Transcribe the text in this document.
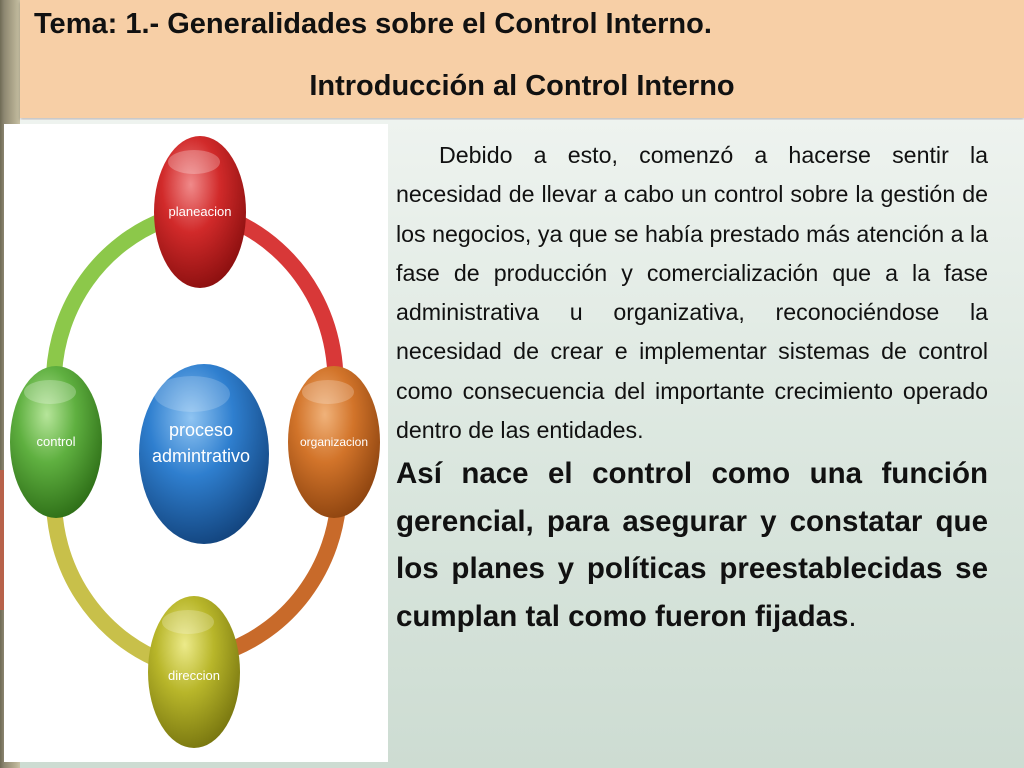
Tema: 1.- Generalidades sobre el Control Interno.
Introducción al Control Interno
planeacion
organizacion
direccion
control
proceso
admintrativo

Debido a esto, comenzó a hacerse sentir la necesidad de llevar a cabo un control sobre la gestión de los negocios, ya que se había prestado más atención a la fase de producción y comercialización que a la fase administrativa u organizativa, reconociéndose la necesidad de crear e implementar sistemas de control como consecuencia del importante crecimiento operado dentro de las entidades.

Así nace el control como una función gerencial, para asegurar y constatar que los planes y políticas preestablecidas se cumplan tal como fueron fijadas.
